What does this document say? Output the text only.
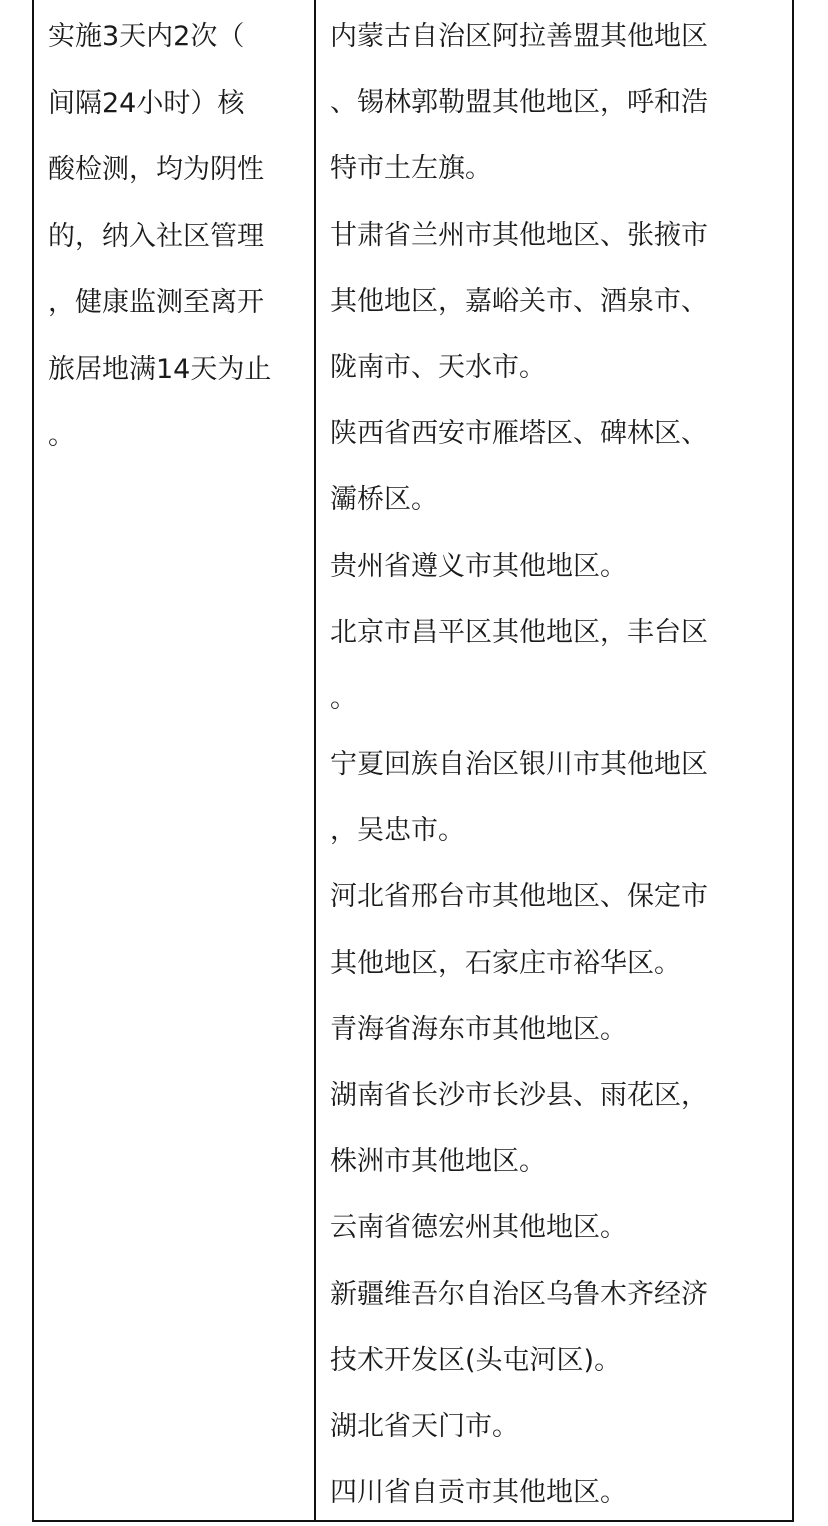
实施3天内2次（
间隔24小时）核
酸检测，均为阴性
的，纳入社区管理
，健康监测至离开
旅居地满14天为止
。
内蒙古自治区阿拉善盟其他地区
、锡林郭勒盟其他地区，呼和浩
特市土左旗。
甘肃省兰州市其他地区、张掖市
其他地区，嘉峪关市、酒泉市、
陇南市、天水市。
陕西省西安市雁塔区、碑林区、
灞桥区。
贵州省遵义市其他地区。
北京市昌平区其他地区，丰台区
。
宁夏回族自治区银川市其他地区
，吴忠市。
河北省邢台市其他地区、保定市
其他地区，石家庄市裕华区。
青海省海东市其他地区。
湖南省长沙市长沙县、雨花区，
株洲市其他地区。
云南省德宏州其他地区。
新疆维吾尔自治区乌鲁木齐经济
技术开发区(头屯河区)。
湖北省天门市。
四川省自贡市其他地区。
